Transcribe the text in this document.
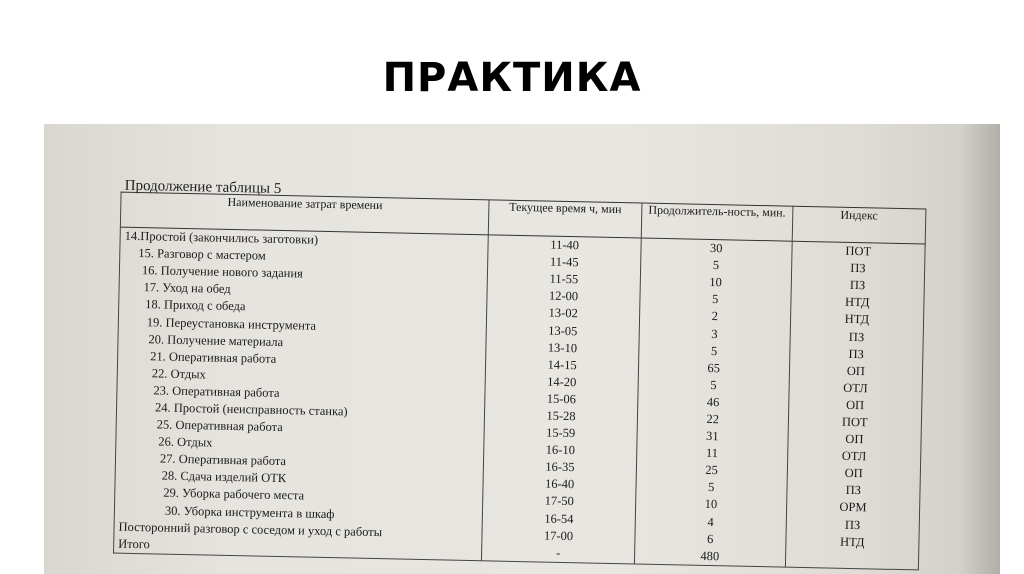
ПРАКТИКА
Продолжение таблицы 5
Наименование затрат времени	Текущее время ч, мин	Продолжитель-ность, мин.	Индекс
14.Простой (закончились заготовки)	11-40	30	ПОТ
15. Разговор с мастером	11-45	5	ПЗ
16. Получение нового задания	11-55	10	ПЗ
17. Уход на обед	12-00	5	НТД
18. Приход с обеда	13-02	2	НТД
19. Переустановка инструмента	13-05	3	ПЗ
20. Получение материала	13-10	5	ПЗ
21. Оперативная работа	14-15	65	ОП
22. Отдых	14-20	5	ОТЛ
23. Оперативная работа	15-06	46	ОП
24. Простой (неисправность станка)	15-28	22	ПОТ
25. Оперативная работа	15-59	31	ОП
26. Отдых	16-10	11	ОТЛ
27. Оперативная работа	16-35	25	ОП
28. Сдача изделий ОТК	16-40	5	ПЗ
29. Уборка рабочего места	17-50	10	ОРМ
30. Уборка инструмента в шкаф	16-54	4	ПЗ
Посторонний разговор с соседом и уход с работы	17-00	6	НТД
Итого	-	480	
